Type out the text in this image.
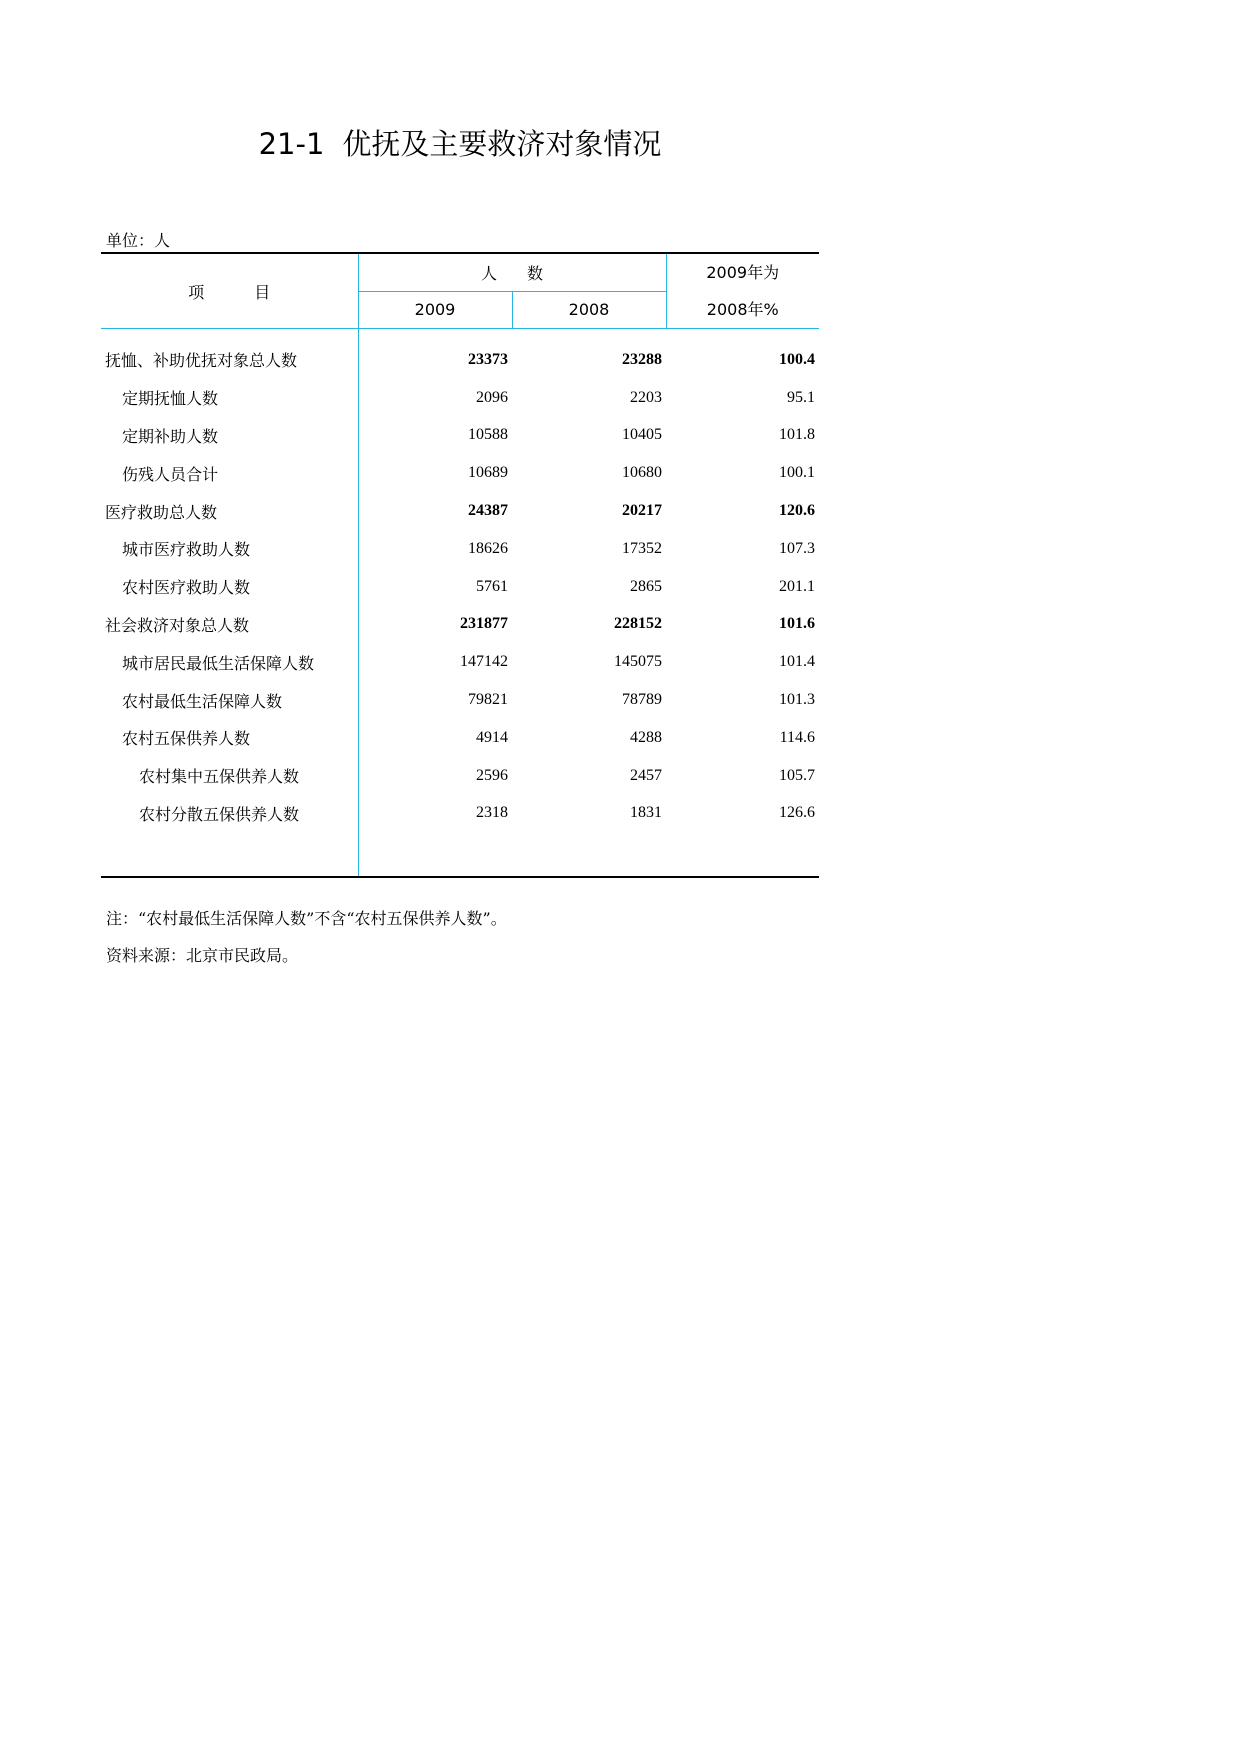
21-1 优抚及主要救济对象情况
单位：人
项 目	人 数		2009年为
2008年%

	2009	2008	
抚恤、补助优抚对象总人数	23373	23288	100.4
定期抚恤人数	2096	2203	95.1
定期补助人数	10588	10405	101.8
伤残人员合计	10689	10680	100.1
医疗救助总人数	24387	20217	120.6
城市医疗救助人数	18626	17352	107.3
农村医疗救助人数	5761	2865	201.1
社会救济对象总人数	231877	228152	101.6
城市居民最低生活保障人数	147142	145075	101.4
农村最低生活保障人数	79821	78789	101.3
农村五保供养人数	4914	4288	114.6
农村集中五保供养人数	2596	2457	105.7
农村分散五保供养人数	2318	1831	126.6

注：“农村最低生活保障人数”不含“农村五保供养人数”。
资料来源：北京市民政局。
